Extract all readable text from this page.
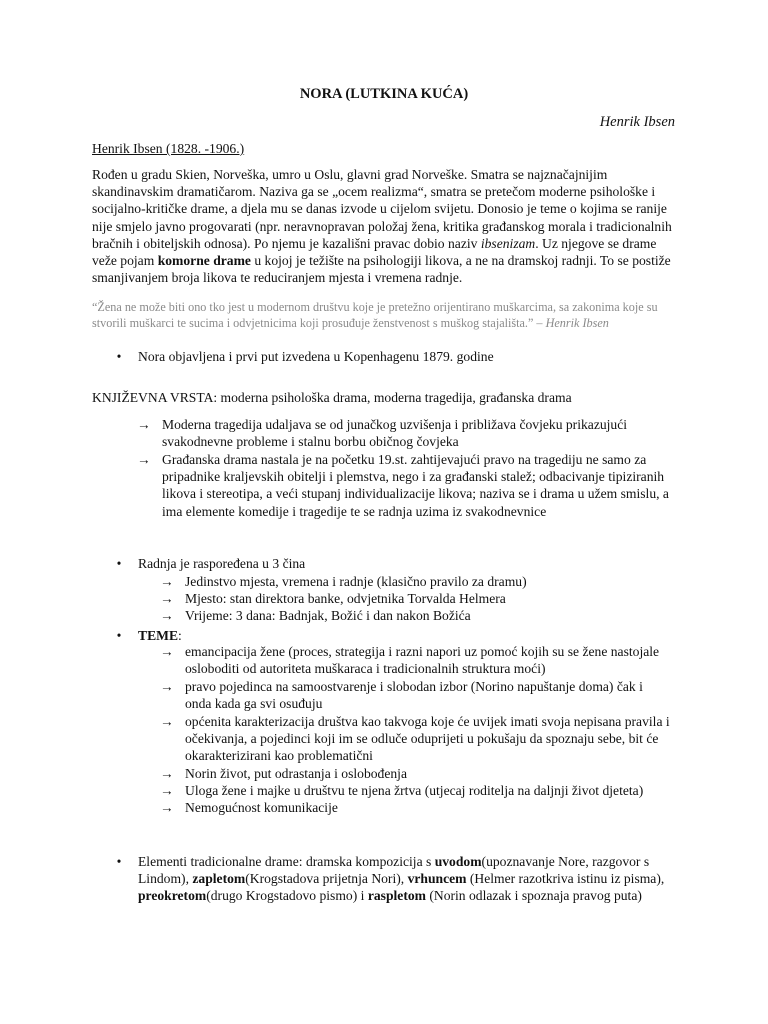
NORA (LUTKINA KUĆA)
Henrik Ibsen
Henrik Ibsen (1828. -1906.)
Rođen u gradu Skien, Norveška, umro u Oslu, glavni grad Norveške. Smatra se najznačajnijim skandinavskim dramatičarom. Naziva ga se „ocem realizma“, smatra se pretečom moderne psihološke i socijalno-kritičke drame, a djela mu se danas izvode u cijelom svijetu. Donosio je teme o kojima se ranije nije smjelo javno progovarati (npr. neravnopravan položaj žena, kritika građanskog morala i tradicionalnih bračnih i obiteljskih odnosa). Po njemu je kazališni pravac dobio naziv ibsenizam. Uz njegove se drame veže pojam komorne drame u kojoj je težište na psihologiji likova, a ne na dramskoj radnji. To se postiže smanjivanjem broja likova te reduciranjem mjesta i vremena radnje.
“Žena ne može biti ono tko jest u modernom društvu koje je pretežno orijentirano muškarcima, sa zakonima koje su stvorili muškarci te sucima i odvjetnicima koji prosuđuje ženstvenost s muškog stajališta.” – Henrik Ibsen
•	Nora objavljena i prvi put izvedena u Kopenhagenu 1879. godine
KNJIŽEVNA VRSTA: moderna psihološka drama, moderna tragedija, građanska drama
→ Moderna tragedija udaljava se od junačkog uzvišenja i približava čovjeku prikazujući svakodnevne probleme i stalnu borbu običnog čovjeka
→ Građanska drama nastala je na početku 19.st. zahtijevajući pravo na tragediju ne samo za pripadnike kraljevskih obitelji i plemstva, nego i za građanski stalež; odbacivanje tipiziranih likova i stereotipa, a veći stupanj individualizacije likova; naziva se i drama u užem smislu, a ima elemente komedije i tragedije te se radnja uzima iz svakodnevnice
•	Radnja je raspoređena u 3 čina
→ Jedinstvo mjesta, vremena i radnje (klasično pravilo za dramu)
→ Mjesto: stan direktora banke, odvjetnika Torvalda Helmera
→ Vrijeme: 3 dana: Badnjak, Božić i dan nakon Božića
•	TEME:
→ emancipacija žene (proces, strategija i razni napori uz pomoć kojih su se žene nastojale osloboditi od autoriteta muškaraca i tradicionalnih struktura moći)
→ pravo pojedinca na samoostvarenje i slobodan izbor (Norino napuštanje doma) čak i onda kada ga svi osuđuju
→ općenita karakterizacija društva kao takvoga koje će uvijek imati svoja nepisana pravila i očekivanja, a pojedinci koji im se odluče oduprijeti u pokušaju da spoznaju sebe, bit će okarakterizirani kao problematični
→ Norin život, put odrastanja i oslobođenja
→ Uloga žene i majke u društvu te njena žrtva (utjecaj roditelja na daljnji život djeteta)
→ Nemogućnost komunikacije
•	Elementi tradicionalne drame: dramska kompozicija s uvodom(upoznavanje Nore, razgovor s Lindom), zapletom(Krogstadova prijetnja Nori), vrhuncem (Helmer razotkriva istinu iz pisma), preokretom(drugo Krogstadovo pismo) i raspletom (Norin odlazak i spoznaja pravog puta)
